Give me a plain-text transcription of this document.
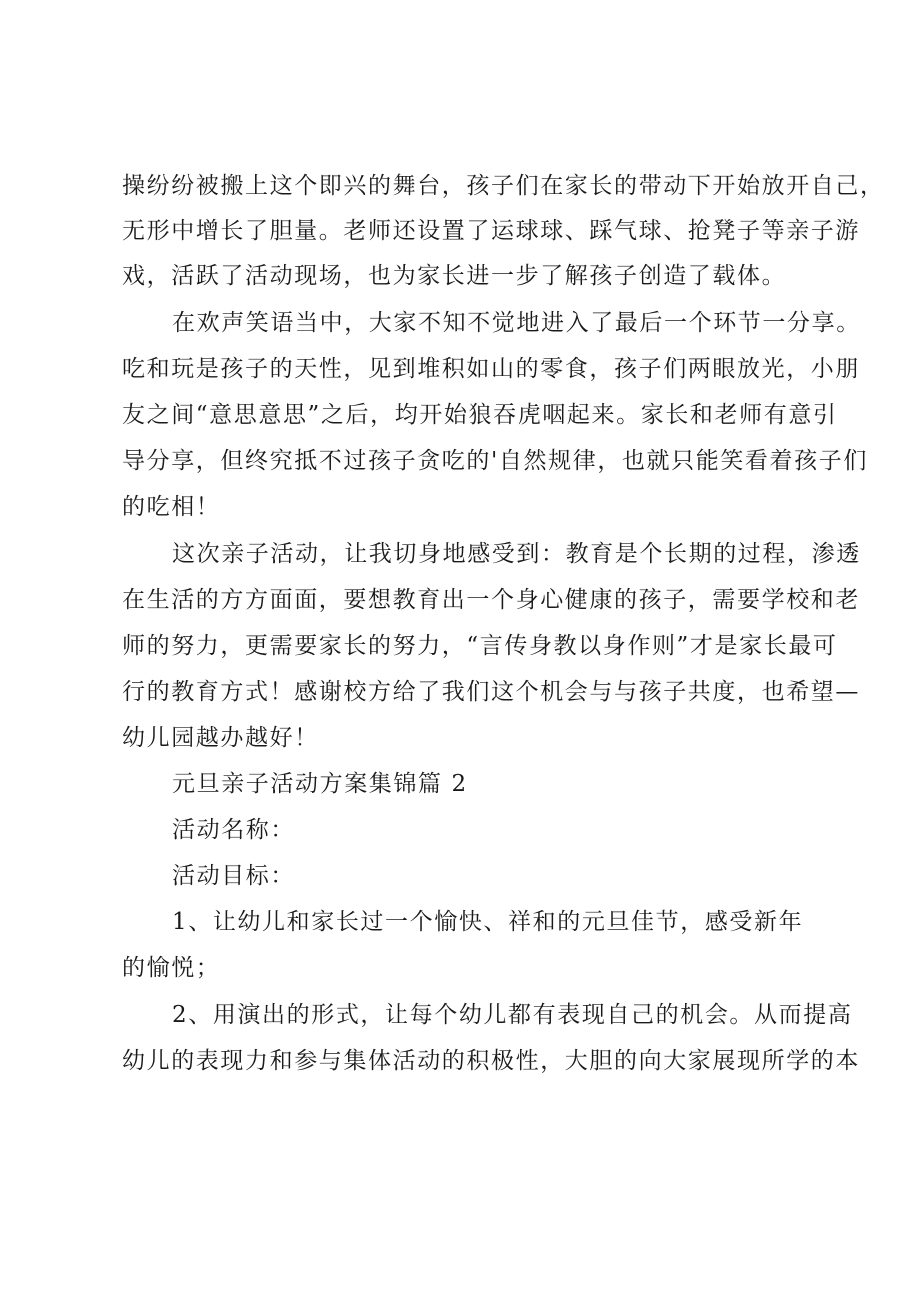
操纷纷被搬上这个即兴的舞台，孩子们在家长的带动下开始放开自己，
无形中增长了胆量。老师还设置了运球球、踩气球、抢凳子等亲子游
戏，活跃了活动现场，也为家长进一步了解孩子创造了载体。
在欢声笑语当中，大家不知不觉地进入了最后一个环节一分享。
吃和玩是孩子的天性，见到堆积如山的零食，孩子们两眼放光，小朋
友之间“意思意思”之后，均开始狼吞虎咽起来。家长和老师有意引
导分享，但终究抵不过孩子贪吃的'自然规律，也就只能笑看着孩子们
的吃相！
这次亲子活动，让我切身地感受到：教育是个长期的过程，渗透
在生活的方方面面，要想教育出一个身心健康的孩子，需要学校和老
师的努力，更需要家长的努力，“言传身教以身作则”才是家长最可
行的教育方式！感谢校方给了我们这个机会与与孩子共度，也希望—
幼儿园越办越好！
元旦亲子活动方案集锦篇 2
活动名称：
活动目标：
1、让幼儿和家长过一个愉快、祥和的元旦佳节，感受新年
的愉悦；
2、用演出的形式，让每个幼儿都有表现自己的机会。从而提高
幼儿的表现力和参与集体活动的积极性，大胆的向大家展现所学的本
